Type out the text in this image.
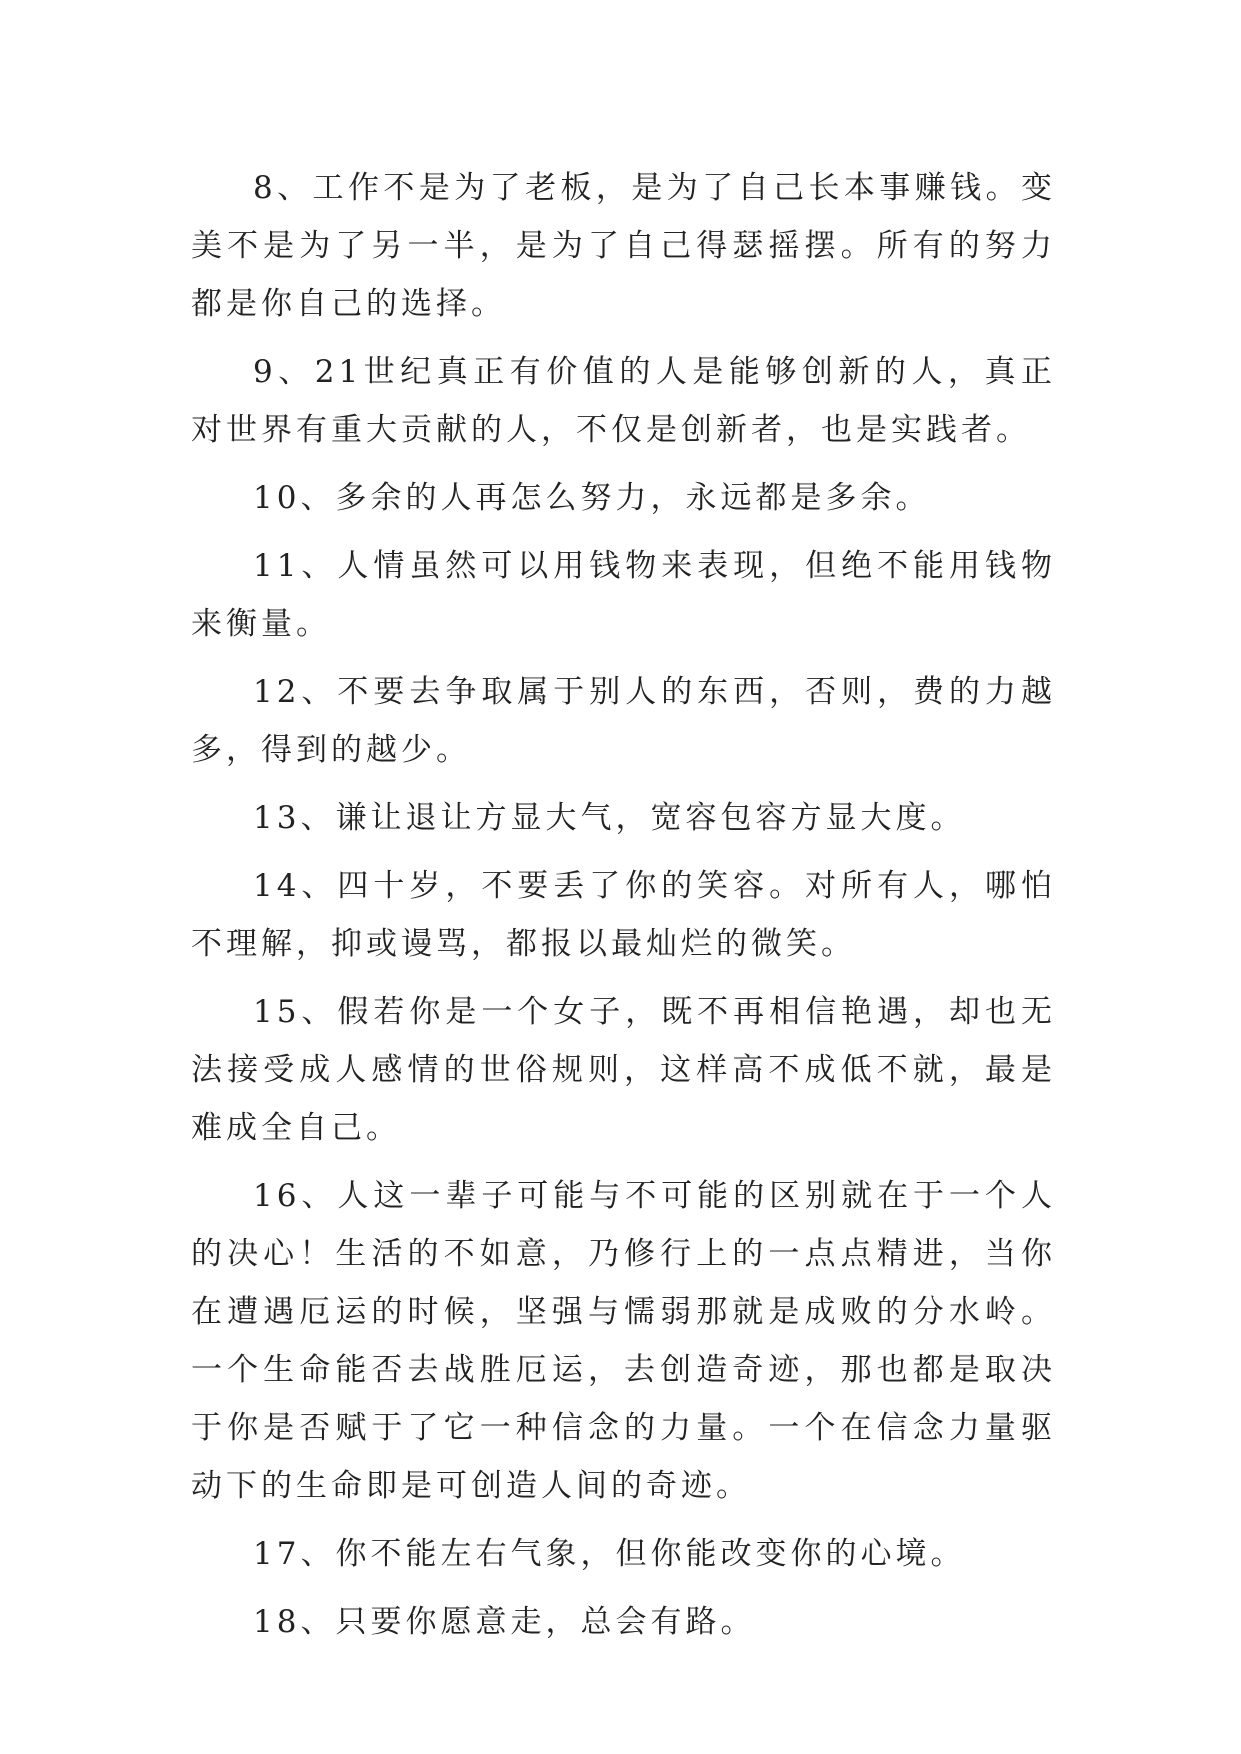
8、工作不是为了老板，是为了自己长本事赚钱。变美不是为了另一半，是为了自己得瑟摇摆。所有的努力都是你自己的选择。

9、21世纪真正有价值的人是能够创新的人，真正对世界有重大贡献的人，不仅是创新者，也是实践者。

10、多余的人再怎么努力，永远都是多余。

11、人情虽然可以用钱物来表现，但绝不能用钱物来衡量。

12、不要去争取属于别人的东西，否则，费的力越多，得到的越少。

13、谦让退让方显大气，宽容包容方显大度。

14、四十岁，不要丢了你的笑容。对所有人，哪怕不理解，抑或谩骂，都报以最灿烂的微笑。

15、假若你是一个女子，既不再相信艳遇，却也无法接受成人感情的世俗规则，这样高不成低不就，最是难成全自己。

16、人这一辈子可能与不可能的区别就在于一个人的决心！生活的不如意，乃修行上的一点点精进，当你在遭遇厄运的时候，坚强与懦弱那就是成败的分水岭。一个生命能否去战胜厄运，去创造奇迹，那也都是取决于你是否赋于了它一种信念的力量。一个在信念力量驱动下的生命即是可创造人间的奇迹。

17、你不能左右气象，但你能改变你的心境。

18、只要你愿意走，总会有路。
